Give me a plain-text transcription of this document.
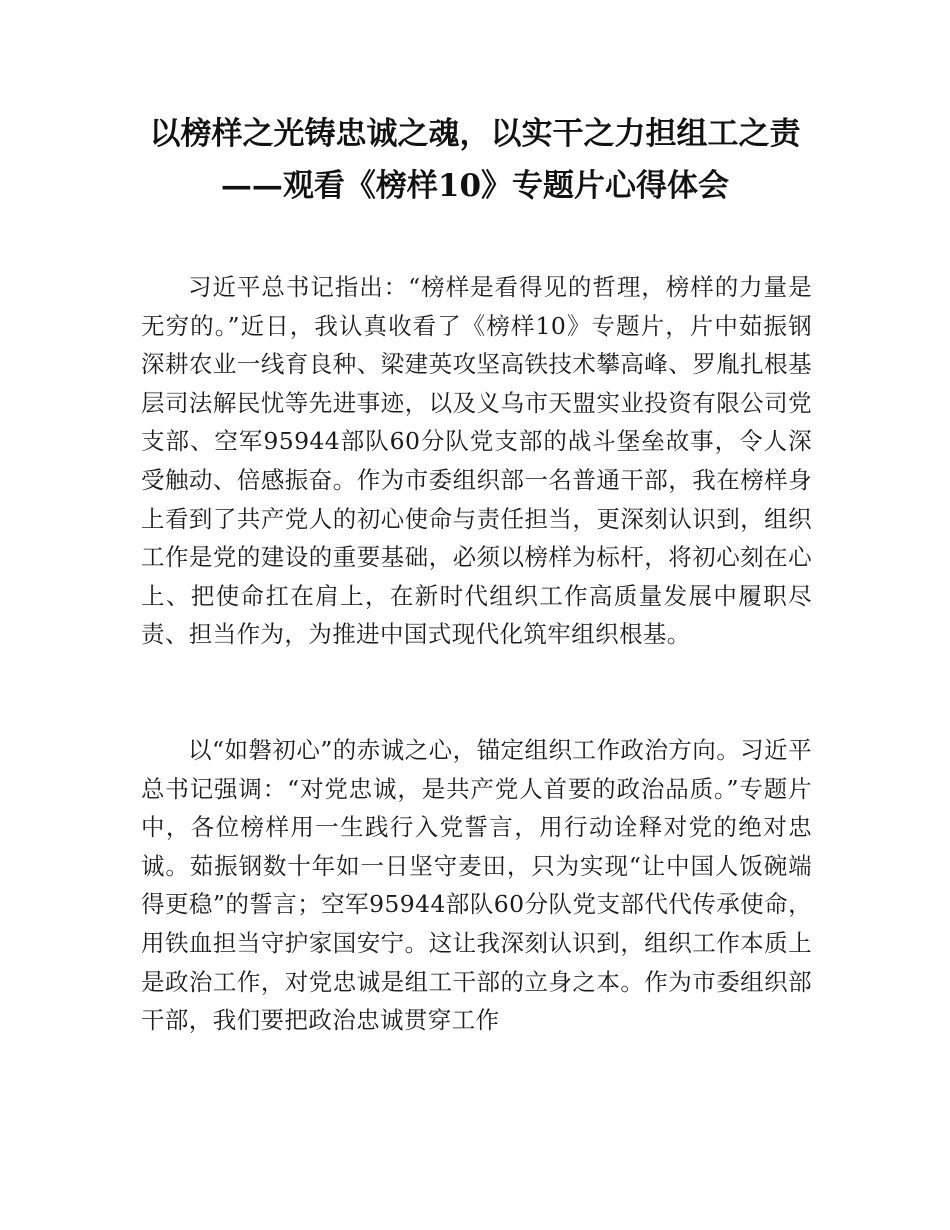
以榜样之光铸忠诚之魂，以实干之力担组工之责——观看《榜样10》专题片心得体会

习近平总书记指出：“榜样是看得见的哲理，榜样的力量是无穷的。”近日，我认真收看了《榜样10》专题片，片中茹振钢深耕农业一线育良种、梁建英攻坚高铁技术攀高峰、罗胤扎根基层司法解民忧等先进事迹，以及义乌市天盟实业投资有限公司党支部、空军95944部队60分队党支部的战斗堡垒故事，令人深受触动、倍感振奋。作为市委组织部一名普通干部，我在榜样身上看到了共产党人的初心使命与责任担当，更深刻认识到，组织工作是党的建设的重要基础，必须以榜样为标杆，将初心刻在心上、把使命扛在肩上，在新时代组织工作高质量发展中履职尽责、担当作为，为推进中国式现代化筑牢组织根基。

以“如磐初心”的赤诚之心，锚定组织工作政治方向。习近平总书记强调：“对党忠诚，是共产党人首要的政治品质。”专题片中，各位榜样用一生践行入党誓言，用行动诠释对党的绝对忠诚。茹振钢数十年如一日坚守麦田，只为实现“让中国人饭碗端得更稳”的誓言；空军95944部队60分队党支部代代传承使命，用铁血担当守护家国安宁。这让我深刻认识到，组织工作本质上是政治工作，对党忠诚是组工干部的立身之本。作为市委组织部干部，我们要把政治忠诚贯穿工作
